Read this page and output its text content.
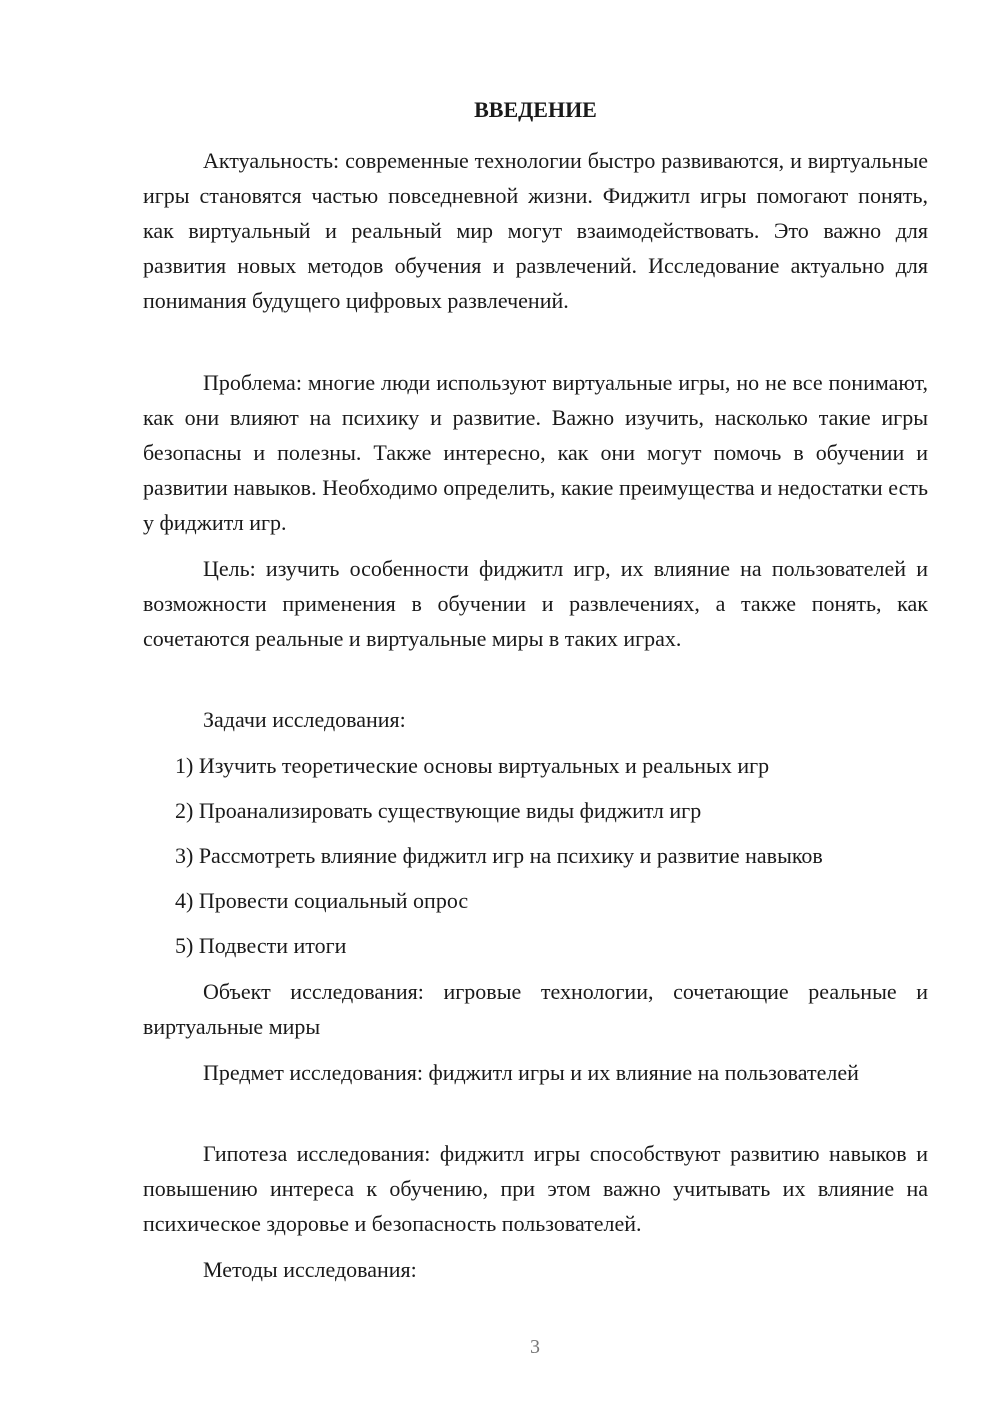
ВВЕДЕНИЕ

Актуальность: современные технологии быстро развиваются, и виртуальные игры становятся частью повседневной жизни. Фиджитл игры помогают понять, как виртуальный и реальный мир могут взаимодействовать. Это важно для развития новых методов обучения и развлечений. Исследование актуально для понимания будущего цифровых развлечений.

Проблема: многие люди используют виртуальные игры, но не все понимают, как они влияют на психику и развитие. Важно изучить, насколько такие игры безопасны и полезны. Также интересно, как они могут помочь в обучении и развитии навыков. Необходимо определить, какие преимущества и недостатки есть у фиджитл игр.

Цель: изучить особенности фиджитл игр, их влияние на пользователей и возможности применения в обучении и развлечениях, а также понять, как сочетаются реальные и виртуальные миры в таких играх.

Задачи исследования:

1) Изучить теоретические основы виртуальных и реальных игр

2) Проанализировать существующие виды фиджитл игр

3) Рассмотреть влияние фиджитл игр на психику и развитие навыков

4) Провести социальный опрос

5) Подвести итоги

Объект исследования: игровые технологии, сочетающие реальные и виртуальные миры

Предмет исследования: фиджитл игры и их влияние на пользователей

Гипотеза исследования: фиджитл игры способствуют развитию навыков и повышению интереса к обучению, при этом важно учитывать их влияние на психическое здоровье и безопасность пользователей.

Методы исследования:

3
